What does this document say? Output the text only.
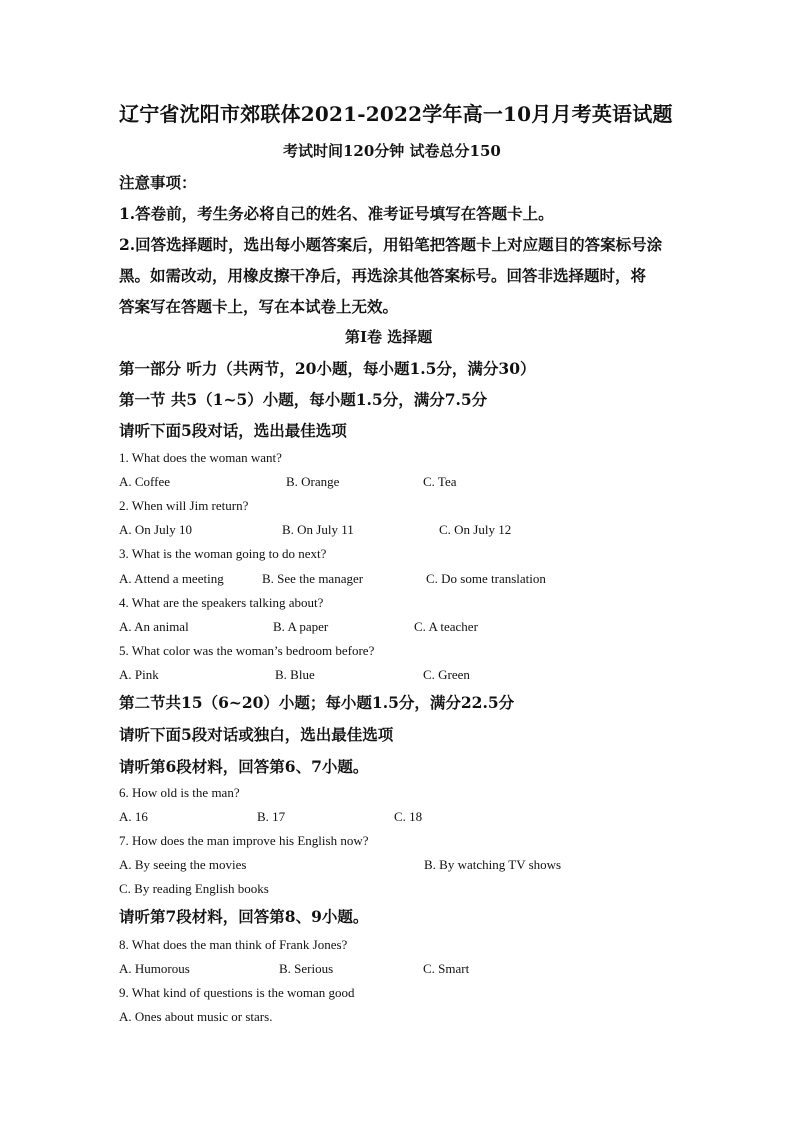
辽宁省沈阳市郊联体2021-2022学年高一10月月考英语试题
考试时间120分钟 试卷总分150
注意事项：
1.答卷前，考生务必将自己的姓名、准考证号填写在答题卡上。
2.回答选择题时，选出每小题答案后，用铅笔把答题卡上对应题目的答案标号涂
黑。如需改动，用橡皮擦干净后，再选涂其他答案标号。回答非选择题时，将
答案写在答题卡上，写在本试卷上无效。
第Ⅰ卷 选择题
第一部分 听力（共两节，20小题，每小题1.5分，满分30）
第一节 共5（1~5）小题，每小题1.5分，满分7.5分
请听下面5段对话，选出最佳选项
1. What does the woman want?
A. Coffee	B. Orange	C. Tea
2. When will Jim return?
A. On July 10	B. On July 11	C. On July 12
3. What is the woman going to do next?
A. Attend a meeting	B. See the manager	C. Do some translation
4. What are the speakers talking about?
A. An animal	B. A paper	C. A teacher
5. What color was the woman’s bedroom before?
A. Pink	B. Blue	C. Green
第二节共15（6~20）小题；每小题1.5分，满分22.5分
请听下面5段对话或独白，选出最佳选项
请听第6段材料，回答第6、7小题。
6. How old is the man?
A. 16	B. 17	C. 18
7. How does the man improve his English now?
A. By seeing the movies	B. By watching TV shows
C. By reading English books
请听第7段材料，回答第8、9小题。
8. What does the man think of Frank Jones?
A. Humorous	B. Serious	C. Smart
9. What kind of questions is the woman good
A. Ones about music or stars.
